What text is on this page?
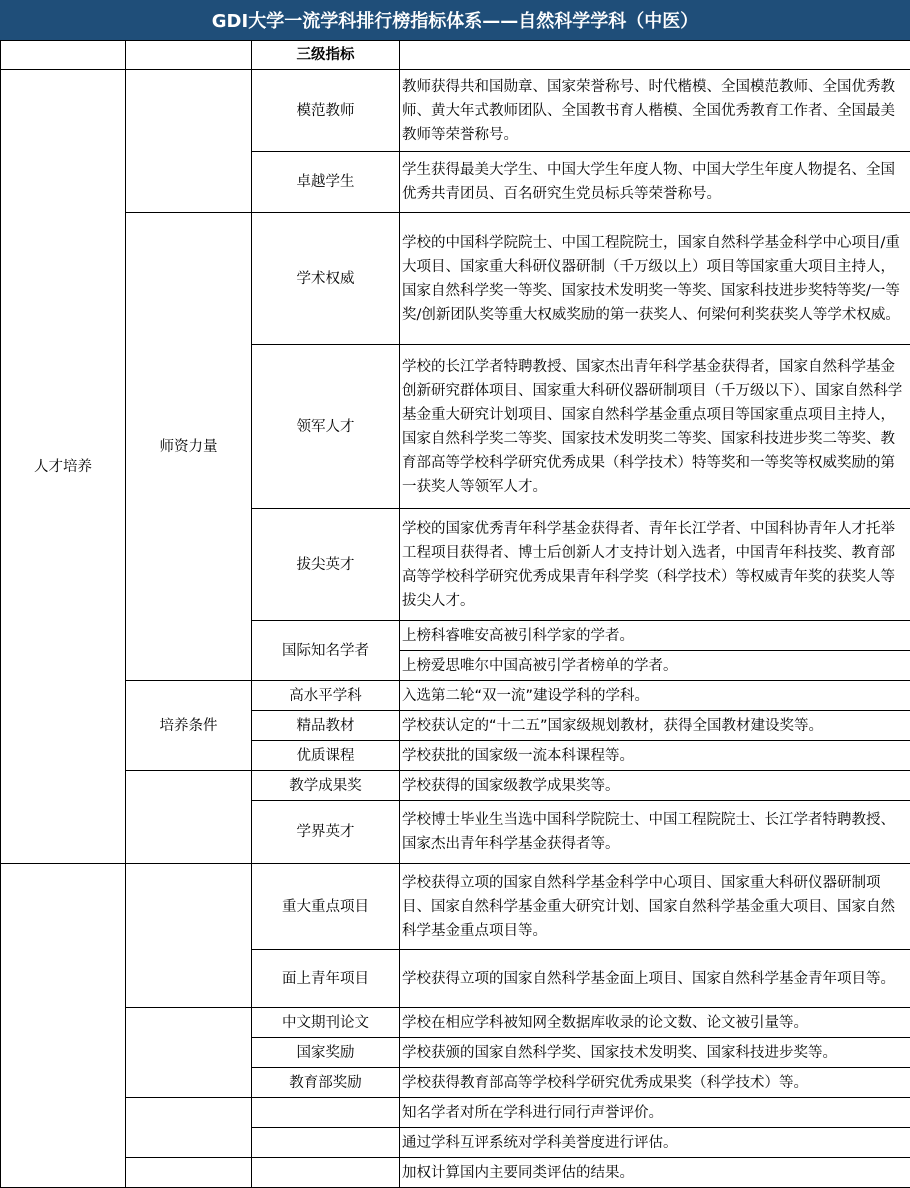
GDI大学一流学科排行榜指标体系——自然科学学科（中医）
		三级指标	
人才培养		模范教师	教师获得共和国勋章、国家荣誉称号、时代楷模、全国模范教师、全国优秀教师、黄大年式教师团队、全国教书育人楷模、全国优秀教育工作者、全国最美教师等荣誉称号。
		卓越学生	学生获得最美大学生、中国大学生年度人物、中国大学生年度人物提名、全国优秀共青团员、百名研究生党员标兵等荣誉称号。
	师资力量	学术权威	学校的中国科学院院士、中国工程院院士，国家自然科学基金科学中心项目/重大项目、国家重大科研仪器研制（千万级以上）项目等国家重大项目主持人，国家自然科学奖一等奖、国家技术发明奖一等奖、国家科技进步奖特等奖/一等奖/创新团队奖等重大权威奖励的第一获奖人、何梁何利奖获奖人等学术权威。
		领军人才	学校的长江学者特聘教授、国家杰出青年科学基金获得者，国家自然科学基金创新研究群体项目、国家重大科研仪器研制项目（千万级以下）、国家自然科学基金重大研究计划项目、国家自然科学基金重点项目等国家重点项目主持人，国家自然科学奖二等奖、国家技术发明奖二等奖、国家科技进步奖二等奖、教育部高等学校科学研究优秀成果（科学技术）特等奖和一等奖等权威奖励的第一获奖人等领军人才。
		拔尖英才	学校的国家优秀青年科学基金获得者、青年长江学者、中国科协青年人才托举工程项目获得者、博士后创新人才支持计划入选者，中国青年科技奖、教育部高等学校科学研究优秀成果青年科学奖（科学技术）等权威青年奖的获奖人等拔尖人才。
		国际知名学者	上榜科睿唯安高被引科学家的学者。
			上榜爱思唯尔中国高被引学者榜单的学者。
	培养条件	高水平学科	入选第二轮“双一流”建设学科的学科。
		精品教材	学校获认定的“十二五”国家级规划教材，获得全国教材建设奖等。
		优质课程	学校获批的国家级一流本科课程等。
		教学成果奖	学校获得的国家级教学成果奖等。
		学界英才	学校博士毕业生当选中国科学院院士、中国工程院院士、长江学者特聘教授、国家杰出青年科学基金获得者等。
		重大重点项目	学校获得立项的国家自然科学基金科学中心项目、国家重大科研仪器研制项目、国家自然科学基金重大研究计划、国家自然科学基金重大项目、国家自然科学基金重点项目等。
		面上青年项目	学校获得立项的国家自然科学基金面上项目、国家自然科学基金青年项目等。
		中文期刊论文	学校在相应学科被知网全数据库收录的论文数、论文被引量等。
		国家奖励	学校获颁的国家自然科学奖、国家技术发明奖、国家科技进步奖等。
		教育部奖励	学校获得教育部高等学校科学研究优秀成果奖（科学技术）等。
			知名学者对所在学科进行同行声誉评价。
			通过学科互评系统对学科美誉度进行评估。
			加权计算国内主要同类评估的结果。
